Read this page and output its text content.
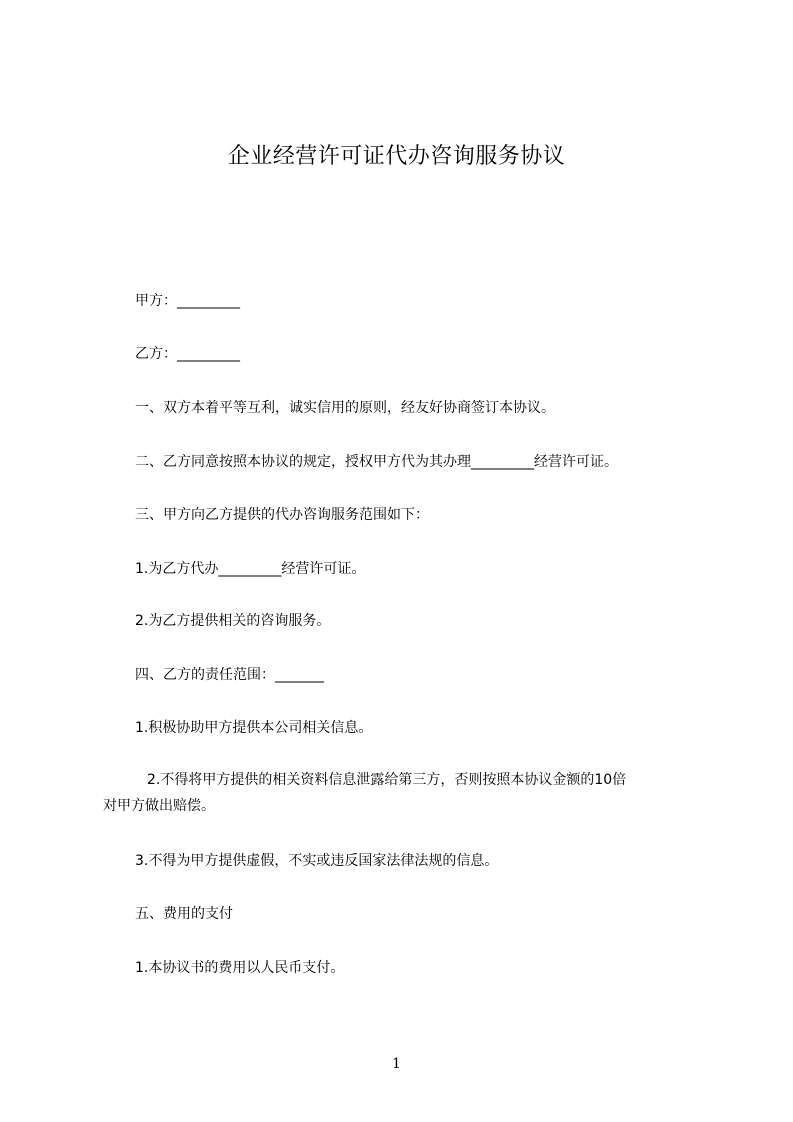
企业经营许可证代办咨询服务协议
甲方：_________
乙方：_________
一、双方本着平等互利，诚实信用的原则，经友好协商签订本协议。
二、乙方同意按照本协议的规定，授权甲方代为其办理_________经营许可证。
三、甲方向乙方提供的代办咨询服务范围如下：
1.为乙方代办_________经营许可证。
2.为乙方提供相关的咨询服务。
四、乙方的责任范围：_______
1.积极协助甲方提供本公司相关信息。
2.不得将甲方提供的相关资料信息泄露给第三方，否则按照本协议金额的10倍
对甲方做出赔偿。
3.不得为甲方提供虚假，不实或违反国家法律法规的信息。
五、费用的支付
1.本协议书的费用以人民币支付。
1
